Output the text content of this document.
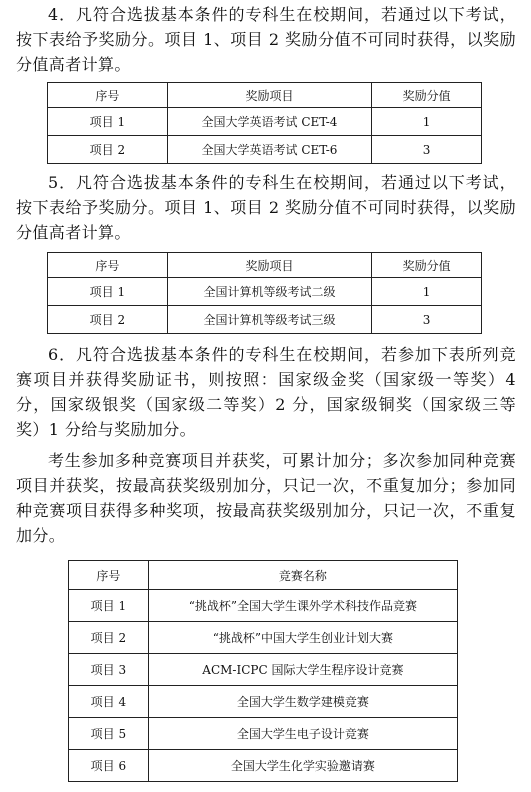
4．凡符合选拔基本条件的专科生在校期间，若通过以下考试，按下表给予奖励分。项目 1、项目 2 奖励分值不可同时获得，以奖励分值高者计算。

序号	奖励项目	奖励分值
项目 1	全国大学英语考试 CET-4	1
项目 2	全国大学英语考试 CET-6	3

5．凡符合选拔基本条件的专科生在校期间，若通过以下考试，按下表给予奖励分。项目 1、项目 2 奖励分值不可同时获得，以奖励分值高者计算。

序号	奖励项目	奖励分值
项目 1	全国计算机等级考试二级	1
项目 2	全国计算机等级考试三级	3

6．凡符合选拔基本条件的专科生在校期间，若参加下表所列竞赛项目并获得奖励证书，则按照：国家级金奖（国家级一等奖）4 分，国家级银奖（国家级二等奖）2 分，国家级铜奖（国家级三等奖）1 分给与奖励加分。

考生参加多种竞赛项目并获奖，可累计加分；多次参加同种竞赛项目并获奖，按最高获奖级别加分，只记一次，不重复加分；参加同种竞赛项目获得多种奖项，按最高获奖级别加分，只记一次，不重复加分。

序号	竞赛名称
项目 1	“挑战杯”全国大学生课外学术科技作品竞赛
项目 2	“挑战杯”中国大学生创业计划大赛
项目 3	ACM-ICPC 国际大学生程序设计竞赛
项目 4	全国大学生数学建模竞赛
项目 5	全国大学生电子设计竞赛
项目 6	全国大学生化学实验邀请赛
